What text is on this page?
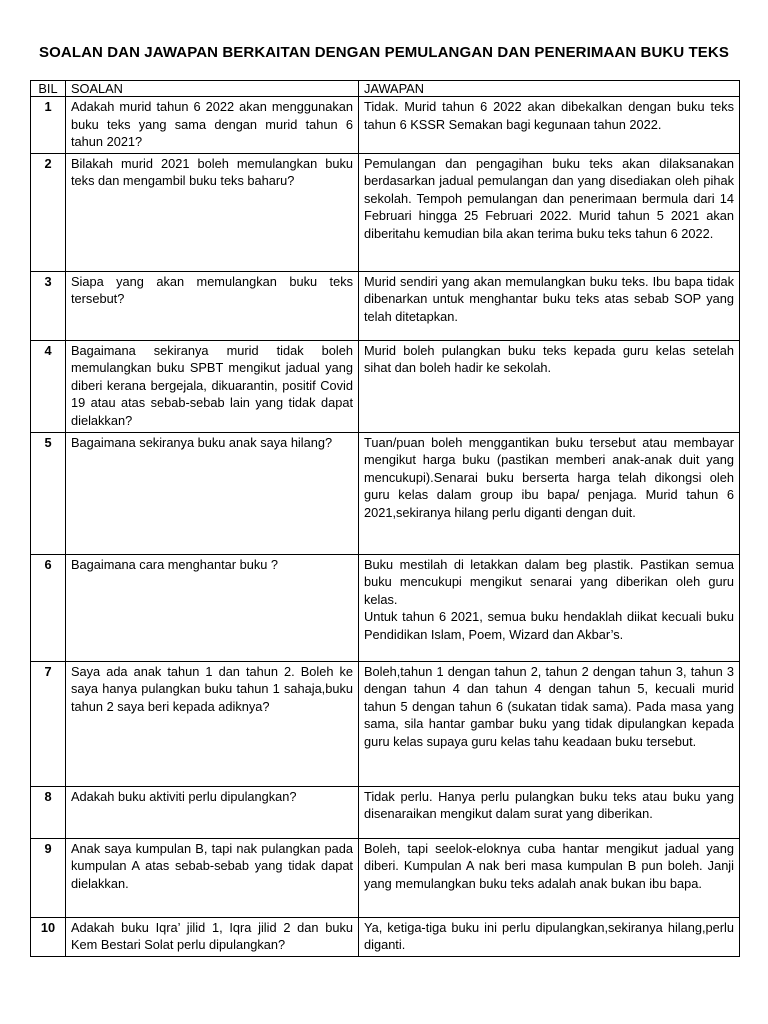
SOALAN DAN JAWAPAN BERKAITAN DENGAN PEMULANGAN DAN PENERIMAAN BUKU TEKS
BIL	SOALAN	JAWAPAN
1	Adakah murid tahun 6 2022 akan menggunakan buku teks yang sama dengan murid tahun 6 tahun 2021?	Tidak. Murid tahun 6 2022 akan dibekalkan dengan buku teks tahun 6 KSSR Semakan bagi kegunaan tahun 2022.

2	Bilakah murid 2021 boleh memulangkan buku teks dan mengambil buku teks baharu?	Pemulangan dan pengagihan buku teks akan dilaksanakan berdasarkan jadual pemulangan dan yang disediakan oleh pihak sekolah. Tempoh pemulangan dan penerimaan bermula dari 14 Februari hingga 25 Februari 2022. Murid tahun 5 2021 akan diberitahu kemudian bila akan terima buku teks tahun 6 2022.

3	Siapa yang akan memulangkan buku teks tersebut?	Murid sendiri yang akan memulangkan buku teks. Ibu bapa tidak dibenarkan untuk menghantar buku teks atas sebab SOP yang telah ditetapkan.

4	Bagaimana sekiranya murid tidak boleh memulangkan buku SPBT mengikut jadual yang diberi kerana bergejala, dikuarantin, positif Covid 19 atau atas sebab-sebab lain yang tidak dapat dielakkan?	Murid boleh pulangkan buku teks kepada guru kelas setelah sihat dan boleh hadir ke sekolah.

5	Bagaimana sekiranya buku anak saya hilang?	Tuan/puan boleh menggantikan buku tersebut atau membayar mengikut harga buku (pastikan memberi anak-anak duit yang mencukupi).Senarai buku berserta harga telah dikongsi oleh guru kelas dalam group ibu bapa/ penjaga. Murid tahun 6 2021,sekiranya hilang perlu diganti dengan duit.

6	Bagaimana cara menghantar buku ?	Buku mestilah di letakkan dalam beg plastik. Pastikan semua buku mencukupi mengikut senarai yang diberikan oleh guru kelas.
Untuk tahun 6 2021, semua buku hendaklah diikat kecuali buku Pendidikan Islam, Poem, Wizard dan Akbar’s.

7	Saya ada anak tahun 1 dan tahun 2. Boleh ke saya hanya pulangkan buku tahun 1 sahaja,buku tahun 2 saya beri kepada adiknya?	Boleh,tahun 1 dengan tahun 2, tahun 2 dengan tahun 3, tahun 3 dengan tahun 4 dan tahun 4 dengan tahun 5, kecuali murid tahun 5 dengan tahun 6 (sukatan tidak sama). Pada masa yang sama, sila hantar gambar buku yang tidak dipulangkan kepada guru kelas supaya guru kelas tahu keadaan buku tersebut.

8	Adakah buku aktiviti perlu dipulangkan?	Tidak perlu. Hanya perlu pulangkan buku teks atau buku yang disenaraikan mengikut dalam surat yang diberikan.

9	Anak saya kumpulan B, tapi nak pulangkan pada kumpulan A atas sebab-sebab yang tidak dapat dielakkan.	Boleh, tapi seelok-eloknya cuba hantar mengikut jadual yang diberi. Kumpulan A nak beri masa kumpulan B pun boleh. Janji yang memulangkan buku teks adalah anak bukan ibu bapa.

10	Adakah buku Iqra’ jilid 1, Iqra jilid 2 dan buku Kem Bestari Solat perlu dipulangkan?	Ya, ketiga-tiga buku ini perlu dipulangkan,sekiranya hilang,perlu diganti.
